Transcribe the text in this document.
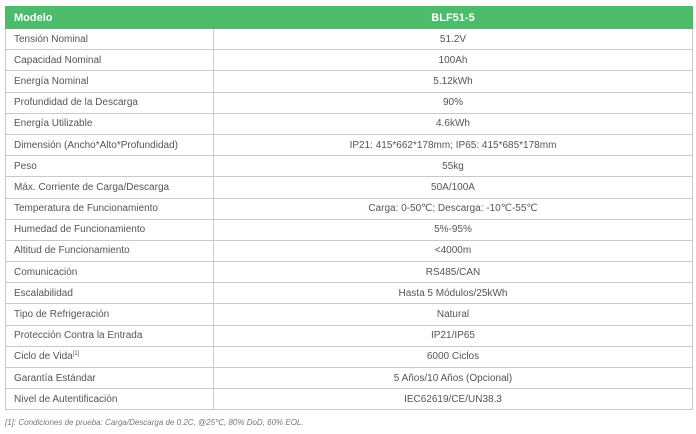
Modelo	BLF51-5
Tensión Nominal	51.2V
Capacidad Nominal	100Ah
Energía Nominal	5.12kWh
Profundidad de la Descarga	90%
Energía Utilizable	4.6kWh
Dimensión (Ancho*Alto*Profundidad)	IP21: 415*662*178mm; IP65: 415*685*178mm
Peso	55kg
Máx. Corriente de Carga/Descarga	50A/100A
Temperatura de Funcionamiento	Carga: 0-50℃; Descarga: -10℃-55℃
Humedad de Funcionamiento	5%-95%
Altitud de Funcionamiento	<4000m
Comunicación	RS485/CAN
Escalabilidad	Hasta 5 Módulos/25kWh
Tipo de Refrigeración	Natural
Protección Contra la Entrada	IP21/IP65
Ciclo de Vida[1]	6000 Ciclos
Garantía Estándar	5 Años/10 Años (Opcional)
Nivel de Autentificación	IEC62619/CE/UN38.3
[1]: Condiciones de prueba: Carga/Descarga de 0.2C, @25℃, 80% DoD, 60% EOL.
